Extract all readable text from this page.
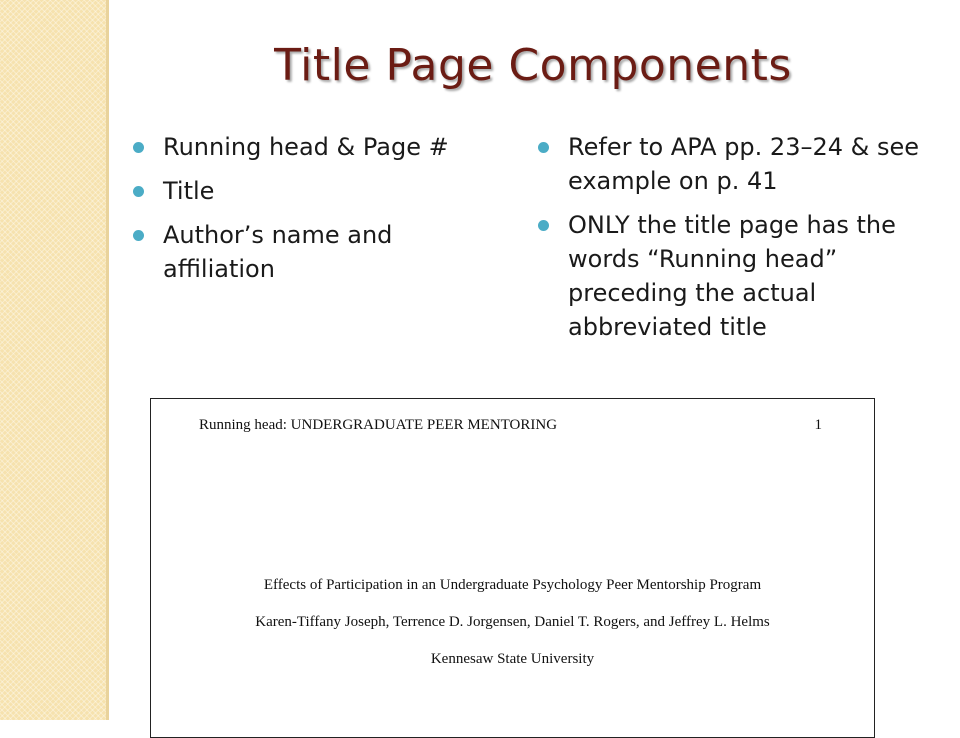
Title Page Components
Running head & Page #
Title
Author’s name and affiliation
Refer to APA pp. 23–24 & see example on p. 41
ONLY the title page has the words “Running head” preceding the actual abbreviated title
Running head: UNDERGRADUATE PEER MENTORING	1
Effects of Participation in an Undergraduate Psychology Peer Mentorship Program
Karen-Tiffany Joseph, Terrence D. Jorgensen, Daniel T. Rogers, and Jeffrey L. Helms
Kennesaw State University
